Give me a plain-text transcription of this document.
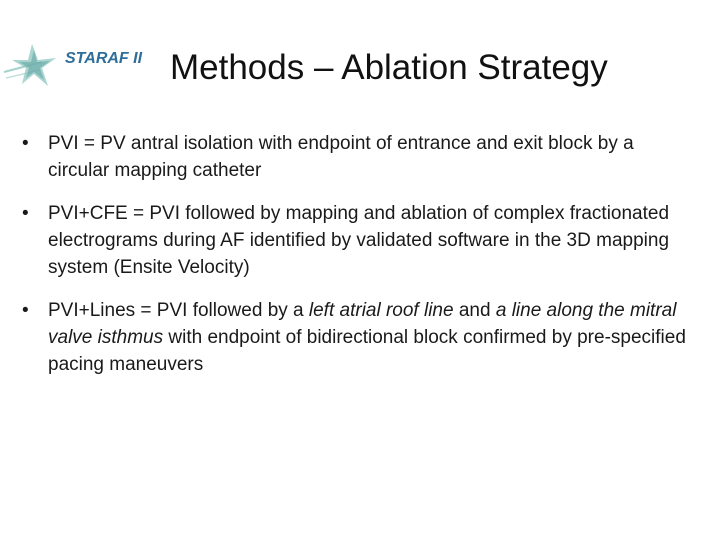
STARAF II Methods – Ablation Strategy
•	PVI = PV antral isolation with endpoint of entrance and exit block by a circular mapping catheter
•	PVI+CFE = PVI followed by mapping and ablation of complex fractionated electrograms during AF identified by validated software in the 3D mapping system (Ensite Velocity)
•	PVI+Lines = PVI followed by a left atrial roof line and a line along the mitral valve isthmus with endpoint of bidirectional block confirmed by pre-specified pacing maneuvers
